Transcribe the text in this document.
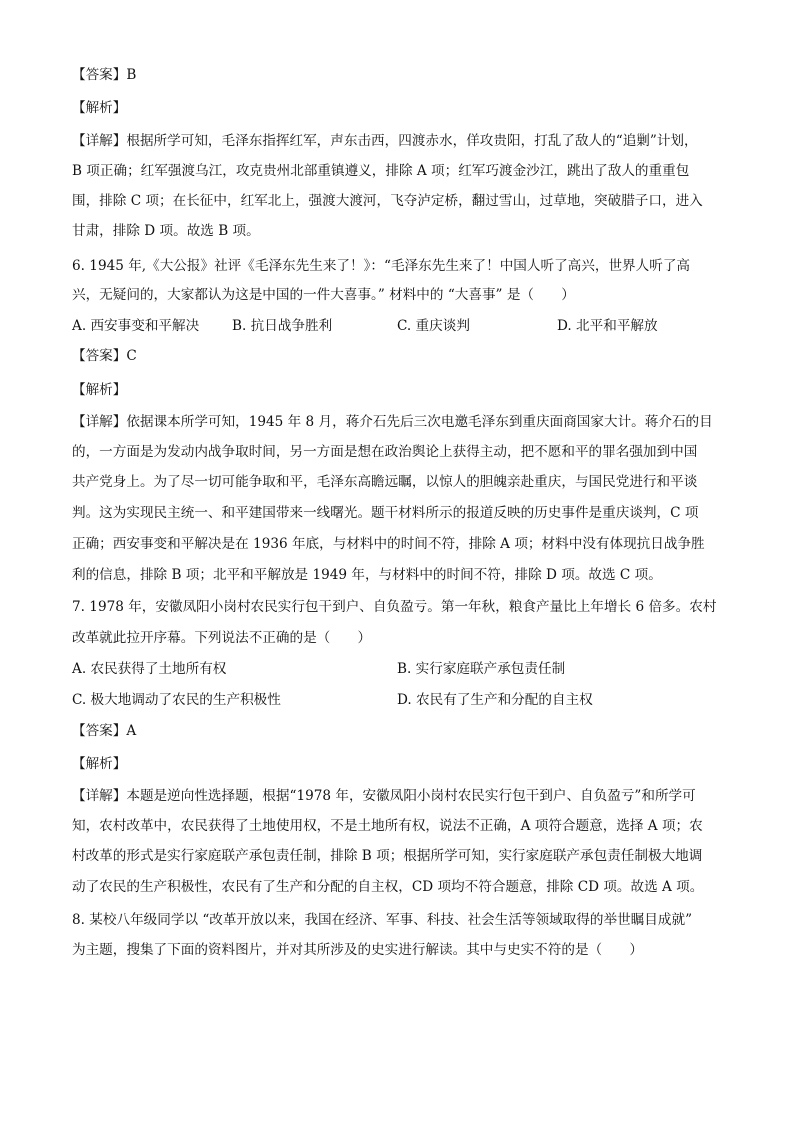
【答案】B
【解析】
【详解】根据所学可知，毛泽东指挥红军，声东击西，四渡赤水，佯攻贵阳，打乱了敌人的“追剿”计划，
B 项正确；红军强渡乌江，攻克贵州北部重镇遵义，排除 A 项；红军巧渡金沙江，跳出了敌人的重重包
围，排除 C 项；在长征中，红军北上，强渡大渡河，飞夺泸定桥，翻过雪山，过草地，突破腊子口，进入
甘肃，排除 D 项。故选 B 项。
6. 1945 年,《大公报》社评《毛泽东先生来了！》：“毛泽东先生来了！中国人听了高兴，世界人听了高
兴，无疑问的，大家都认为这是中国的一件大喜事。” 材料中的 “大喜事” 是（　　）
A. 西安事变和平解决 B. 抗日战争胜利	C. 重庆谈判	D. 北平和平解放
【答案】C
【解析】
【详解】依据课本所学可知，1945 年 8 月，蒋介石先后三次电邀毛泽东到重庆面商国家大计。蒋介石的目
的，一方面是为发动内战争取时间，另一方面是想在政治舆论上获得主动，把不愿和平的罪名强加到中国
共产党身上。为了尽一切可能争取和平，毛泽东高瞻远瞩，以惊人的胆魄亲赴重庆，与国民党进行和平谈
判。这为实现民主统一、和平建国带来一线曙光。题干材料所示的报道反映的历史事件是重庆谈判，C 项
正确；西安事变和平解决是在 1936 年底，与材料中的时间不符，排除 A 项；材料中没有体现抗日战争胜
利的信息，排除 B 项；北平和平解放是 1949 年，与材料中的时间不符，排除 D 项。故选 C 项。
7. 1978 年，安徽凤阳小岗村农民实行包干到户、自负盈亏。第一年秋，粮食产量比上年增长 6 倍多。农村
改革就此拉开序幕。下列说法不正确的是（　　）
A. 农民获得了土地所有权	B. 实行家庭联产承包责任制
C. 极大地调动了农民的生产积极性	D. 农民有了生产和分配的自主权
【答案】A
【解析】
【详解】本题是逆向性选择题，根据“1978 年，安徽凤阳小岗村农民实行包干到户、自负盈亏”和所学可
知，农村改革中，农民获得了土地使用权，不是土地所有权，说法不正确，A 项符合题意，选择 A 项；农
村改革的形式是实行家庭联产承包责任制，排除 B 项；根据所学可知，实行家庭联产承包责任制极大地调
动了农民的生产积极性，农民有了生产和分配的自主权，CD 项均不符合题意，排除 CD 项。故选 A 项。
8. 某校八年级同学以 “改革开放以来，我国在经济、军事、科技、社会生活等领域取得的举世瞩目成就”
为主题，搜集了下面的资料图片，并对其所涉及的史实进行解读。其中与史实不符的是（　　）
